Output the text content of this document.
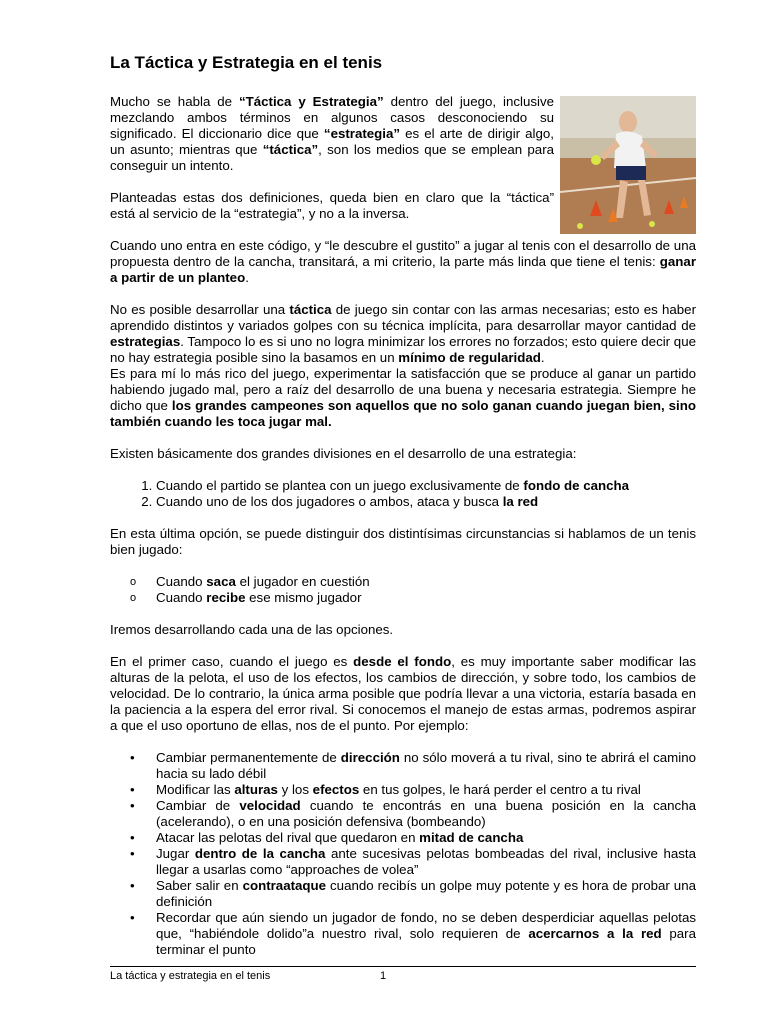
La Táctica y Estrategia en el tenis

Mucho se habla de “Táctica y Estrategia” dentro del juego, inclusive mezclando ambos términos en algunos casos desconociendo su significado. El diccionario dice que “estrategia” es el arte de dirigir algo, un asunto; mientras que “táctica”, son los medios que se emplean para conseguir un intento.

Planteadas estas dos definiciones, queda bien en claro que la “táctica” está al servicio de la “estrategia”, y no a la inversa.

Cuando uno entra en este código, y “le descubre el gustito” a jugar al tenis con el desarrollo de una propuesta dentro de la cancha, transitará, a mi criterio, la parte más linda que tiene el tenis: ganar a partir de un planteo.

No es posible desarrollar una táctica de juego sin contar con las armas necesarias; esto es haber aprendido distintos y variados golpes con su técnica implícita, para desarrollar mayor cantidad de estrategias. Tampoco lo es si uno no logra minimizar los errores no forzados; esto quiere decir que no hay estrategia posible sino la basamos en un mínimo de regularidad.

Es para mí lo más rico del juego, experimentar la satisfacción que se produce al ganar un partido habiendo jugado mal, pero a raíz del desarrollo de una buena y necesaria estrategia. Siempre he dicho que los grandes campeones son aquellos que no solo ganan cuando juegan bien, sino también cuando les toca jugar mal.

Existen básicamente dos grandes divisiones en el desarrollo de una estrategia:

1. Cuando el partido se plantea con un juego exclusivamente de fondo de cancha
2. Cuando uno de los dos jugadores o ambos, ataca y busca la red

En esta última opción, se puede distinguir dos distintísimas circunstancias si hablamos de un tenis bien jugado:

o Cuando saca el jugador en cuestión
o Cuando recibe ese mismo jugador

Iremos desarrollando cada una de las opciones.

En el primer caso, cuando el juego es desde el fondo, es muy importante saber modificar las alturas de la pelota, el uso de los efectos, los cambios de dirección, y sobre todo, los cambios de velocidad. De lo contrario, la única arma posible que podría llevar a una victoria, estaría basada en la paciencia a la espera del error rival. Si conocemos el manejo de estas armas, podremos aspirar a que el uso oportuno de ellas, nos de el punto. Por ejemplo:

• Cambiar permanentemente de dirección no sólo moverá a tu rival, sino te abrirá el camino hacia su lado débil
• Modificar las alturas y los efectos en tus golpes, le hará perder el centro a tu rival
• Cambiar de velocidad cuando te encontrás en una buena posición en la cancha (acelerando), o en una posición defensiva (bombeando)
• Atacar las pelotas del rival que quedaron en mitad de cancha
• Jugar dentro de la cancha ante sucesivas pelotas bombeadas del rival, inclusive hasta llegar a usarlas como “approaches de volea”
• Saber salir en contraataque cuando recibís un golpe muy potente y es hora de probar una definición
• Recordar que aún siendo un jugador de fondo, no se deben desperdiciar aquellas pelotas que, “habiéndole dolido”a nuestro rival, solo requieren de acercarnos a la red para terminar el punto
La táctica y estrategia en el tenis	1
